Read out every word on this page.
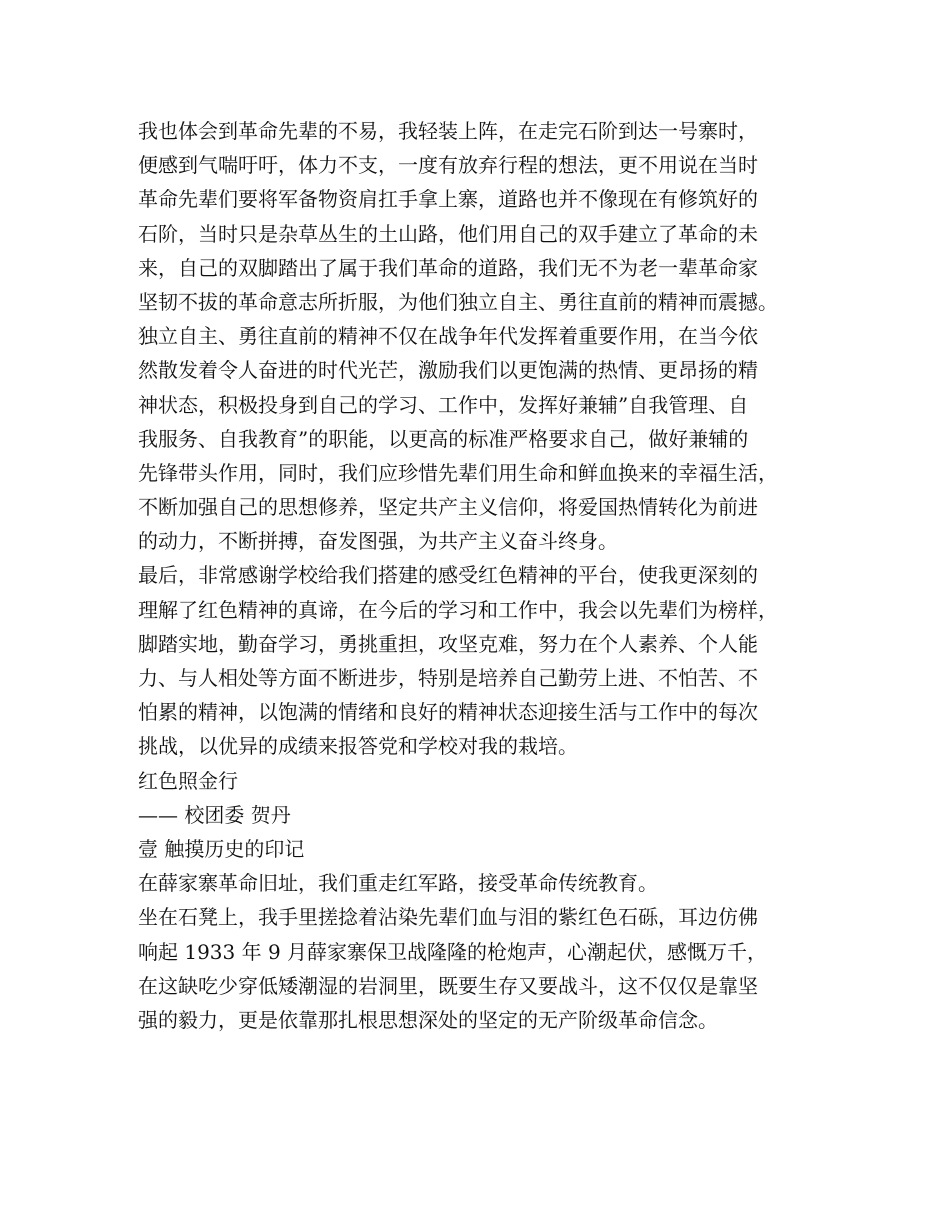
我也体会到革命先辈的不易，我轻装上阵，在走完石阶到达一号寨时，
便感到气喘吁吁，体力不支，一度有放弃行程的想法，更不用说在当时
革命先辈们要将军备物资肩扛手拿上寨，道路也并不像现在有修筑好的
石阶，当时只是杂草丛生的土山路，他们用自己的双手建立了革命的未
来，自己的双脚踏出了属于我们革命的道路，我们无不为老一辈革命家
坚韧不拔的革命意志所折服，为他们独立自主、勇往直前的精神而震撼。
独立自主、勇往直前的精神不仅在战争年代发挥着重要作用，在当今依
然散发着令人奋进的时代光芒，激励我们以更饱满的热情、更昂扬的精
神状态，积极投身到自己的学习、工作中，发挥好兼辅”自我管理、自
我服务、自我教育”的职能，以更高的标准严格要求自己，做好兼辅的
先锋带头作用，同时，我们应珍惜先辈们用生命和鲜血换来的幸福生活，
不断加强自己的思想修养，坚定共产主义信仰，将爱国热情转化为前进
的动力，不断拼搏，奋发图强，为共产主义奋斗终身。
最后，非常感谢学校给我们搭建的感受红色精神的平台，使我更深刻的
理解了红色精神的真谛，在今后的学习和工作中，我会以先辈们为榜样，
脚踏实地，勤奋学习，勇挑重担，攻坚克难，努力在个人素养、个人能
力、与人相处等方面不断进步，特别是培养自己勤劳上进、不怕苦、不
怕累的精神，以饱满的情绪和良好的精神状态迎接生活与工作中的每次
挑战，以优异的成绩来报答党和学校对我的栽培。
红色照金行
—— 校团委 贺丹
壹 触摸历史的印记
在薛家寨革命旧址，我们重走红军路，接受革命传统教育。
坐在石凳上，我手里搓捻着沾染先辈们血与泪的紫红色石砾，耳边仿佛
响起 1933 年 9 月薛家寨保卫战隆隆的枪炮声，心潮起伏，感慨万千，
在这缺吃少穿低矮潮湿的岩洞里，既要生存又要战斗，这不仅仅是靠坚
强的毅力，更是依靠那扎根思想深处的坚定的无产阶级革命信念。
